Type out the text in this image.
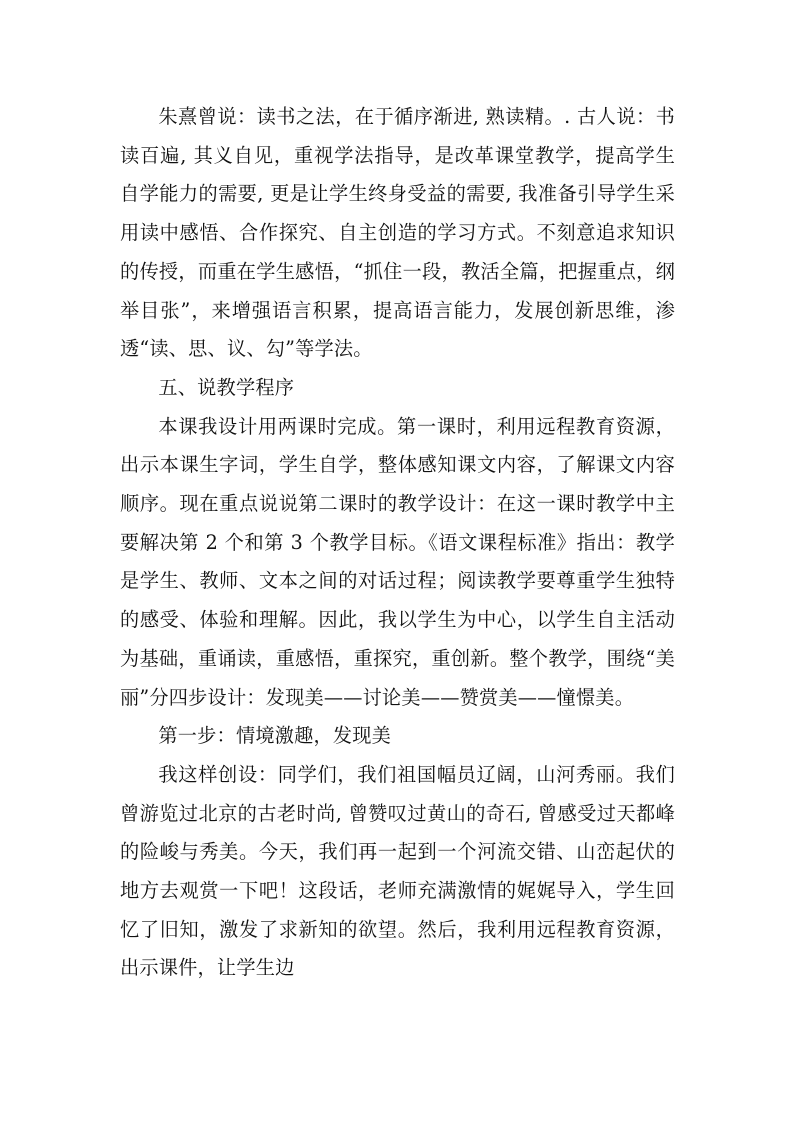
朱熹曾说：读书之法，在于循序渐进, 熟读精。. 古人说：书读百遍, 其义自见，重视学法指导，是改革课堂教学，提高学生自学能力的需要, 更是让学生终身受益的需要, 我准备引导学生采用读中感悟、合作探究、自主创造的学习方式。不刻意追求知识的传授，而重在学生感悟，“抓住一段，教活全篇，把握重点，纲举目张”，来增强语言积累，提高语言能力，发展创新思维，渗透“读、思、议、勾”等学法。

五、说教学程序

本课我设计用两课时完成。第一课时，利用远程教育资源，出示本课生字词，学生自学，整体感知课文内容，了解课文内容顺序。现在重点说说第二课时的教学设计：在这一课时教学中主要解决第 2 个和第 3 个教学目标。《语文课程标准》指出：教学是学生、教师、文本之间的对话过程；阅读教学要尊重学生独特的感受、体验和理解。因此，我以学生为中心，以学生自主活动为基础，重诵读，重感悟，重探究，重创新。整个教学，围绕“美丽”分四步设计：发现美——讨论美——赞赏美——憧憬美。

第一步：情境激趣，发现美

我这样创设：同学们，我们祖国幅员辽阔，山河秀丽。我们曾游览过北京的古老时尚, 曾赞叹过黄山的奇石, 曾感受过天都峰的险峻与秀美。今天，我们再一起到一个河流交错、山峦起伏的地方去观赏一下吧！这段话，老师充满激情的娓娓导入，学生回忆了旧知，激发了求新知的欲望。然后，我利用远程教育资源，出示课件，让学生边
